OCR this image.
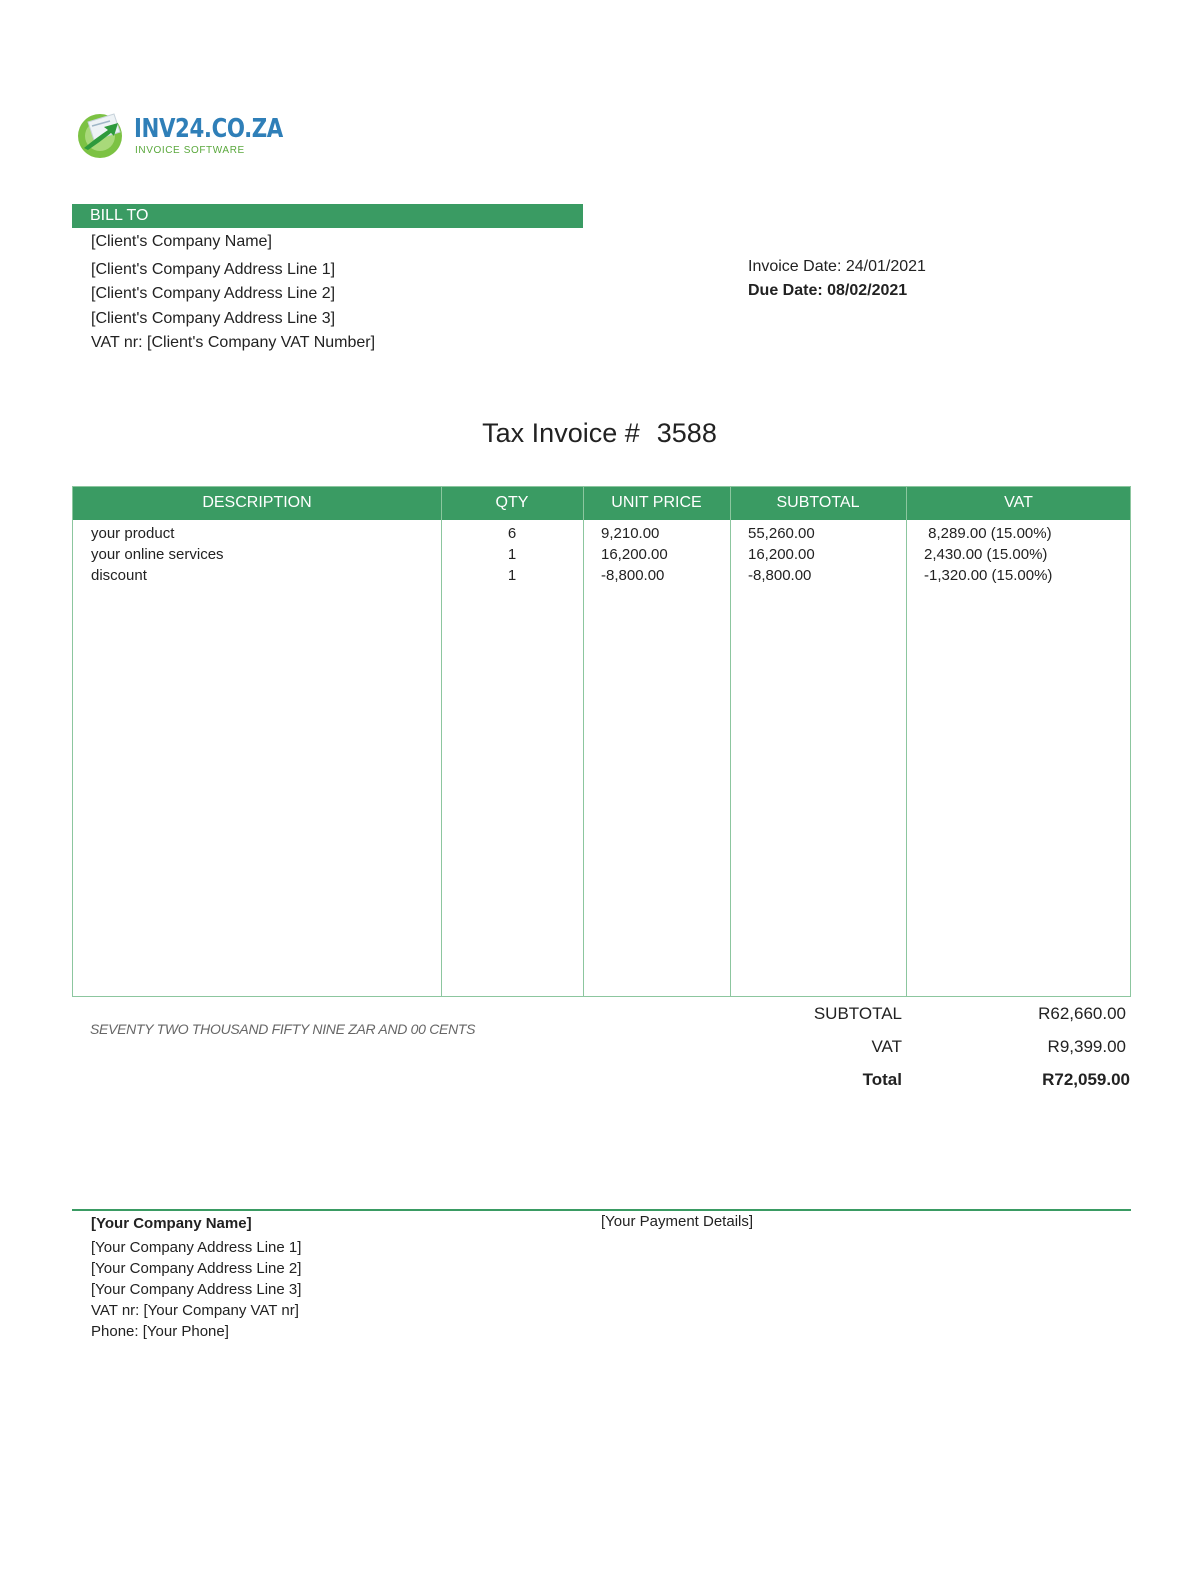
INV24.CO.ZA
INVOICE SOFTWARE
BILL TO
[Client's Company Name]
[Client's Company Address Line 1]
[Client's Company Address Line 2]
[Client's Company Address Line 3]
VAT nr: [Client's Company VAT Number]
Invoice Date: 24/01/2021
Due Date: 08/02/2021
Tax Invoice # 3588
DESCRIPTION	QTY	UNIT PRICE	SUBTOTAL	VAT
your product	6	9,210.00	55,260.00	8,289.00 (15.00%)
your online services	1	16,200.00	16,200.00	2,430.00 (15.00%)
discount	1	-8,800.00	-8,800.00	-1,320.00 (15.00%)
SEVENTY TWO THOUSAND FIFTY NINE ZAR AND 00 CENTS
SUBTOTAL	R62,660.00
VAT	R9,399.00
Total	R72,059.00
[Your Company Name]
[Your Company Address Line 1]
[Your Company Address Line 2]
[Your Company Address Line 3]
VAT nr: [Your Company VAT nr]
Phone: [Your Phone]
[Your Payment Details]
